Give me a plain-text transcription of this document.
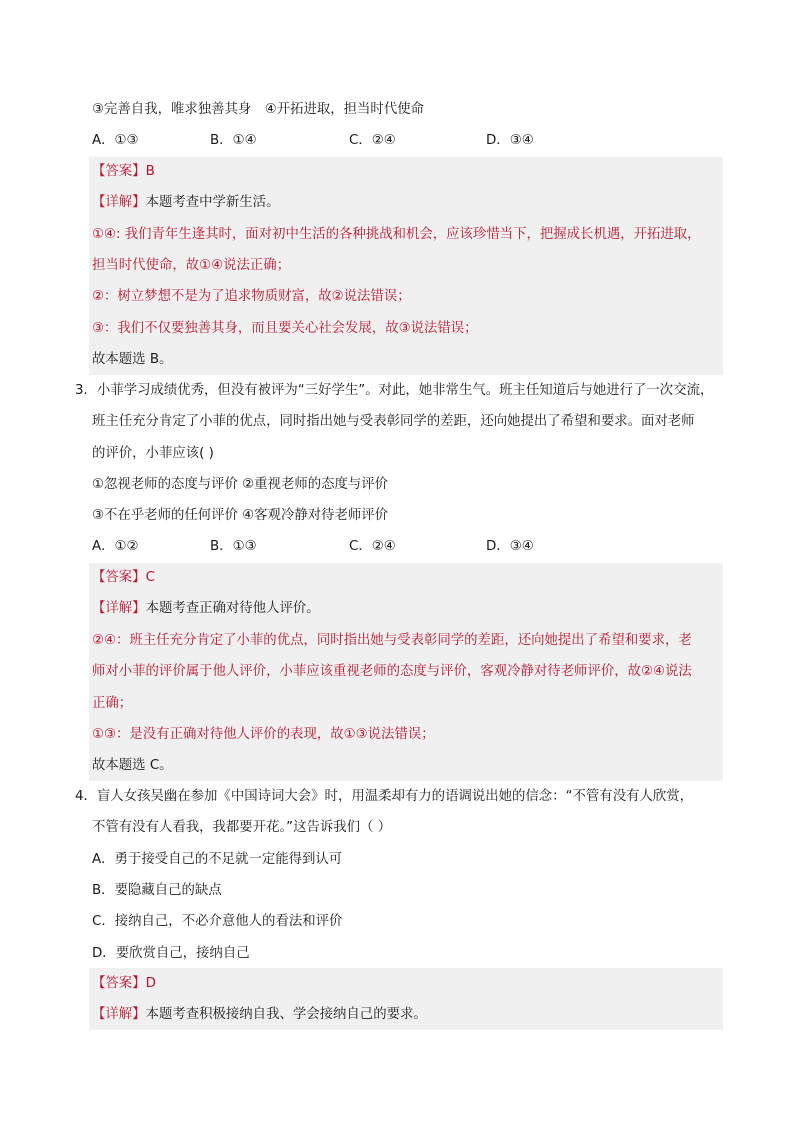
③完善自我，唯求独善其身　④开拓进取，担当时代使命
A．①③	B．①④	C．②④	D．③④
【答案】B
【详解】本题考查中学新生活。
①④: 我们青年生逢其时，面对初中生活的各种挑战和机会，应该珍惜当下，把握成长机遇，开拓进取，
担当时代使命，故①④说法正确；
②：树立梦想不是为了追求物质财富，故②说法错误；
③：我们不仅要独善其身，而且要关心社会发展，故③说法错误；
故本题选 B。
3．小菲学习成绩优秀，但没有被评为“三好学生”。对此，她非常生气。班主任知道后与她进行了一次交流，
班主任充分肯定了小菲的优点，同时指出她与受表彰同学的差距，还向她提出了希望和要求。面对老师
的评价，小菲应该( )
①忽视老师的态度与评价 ②重视老师的态度与评价
③不在乎老师的任何评价 ④客观冷静对待老师评价
A．①②	B．①③	C．②④	D．③④
【答案】C
【详解】本题考查正确对待他人评价。
②④：班主任充分肯定了小菲的优点，同时指出她与受表彰同学的差距，还向她提出了希望和要求，老
师对小菲的评价属于他人评价，小菲应该重视老师的态度与评价，客观冷静对待老师评价，故②④说法
正确；
①③：是没有正确对待他人评价的表现，故①③说法错误；
故本题选 C。
4．盲人女孩吴幽在参加《中国诗词大会》时，用温柔却有力的语调说出她的信念：“不管有没有人欣赏，
不管有没有人看我，我都要开花。”这告诉我们（ ）
A．勇于接受自己的不足就一定能得到认可
B．要隐藏自己的缺点
C．接纳自己，不必介意他人的看法和评价
D．要欣赏自己，接纳自己
【答案】D
【详解】本题考查积极接纳自我、学会接纳自己的要求。
